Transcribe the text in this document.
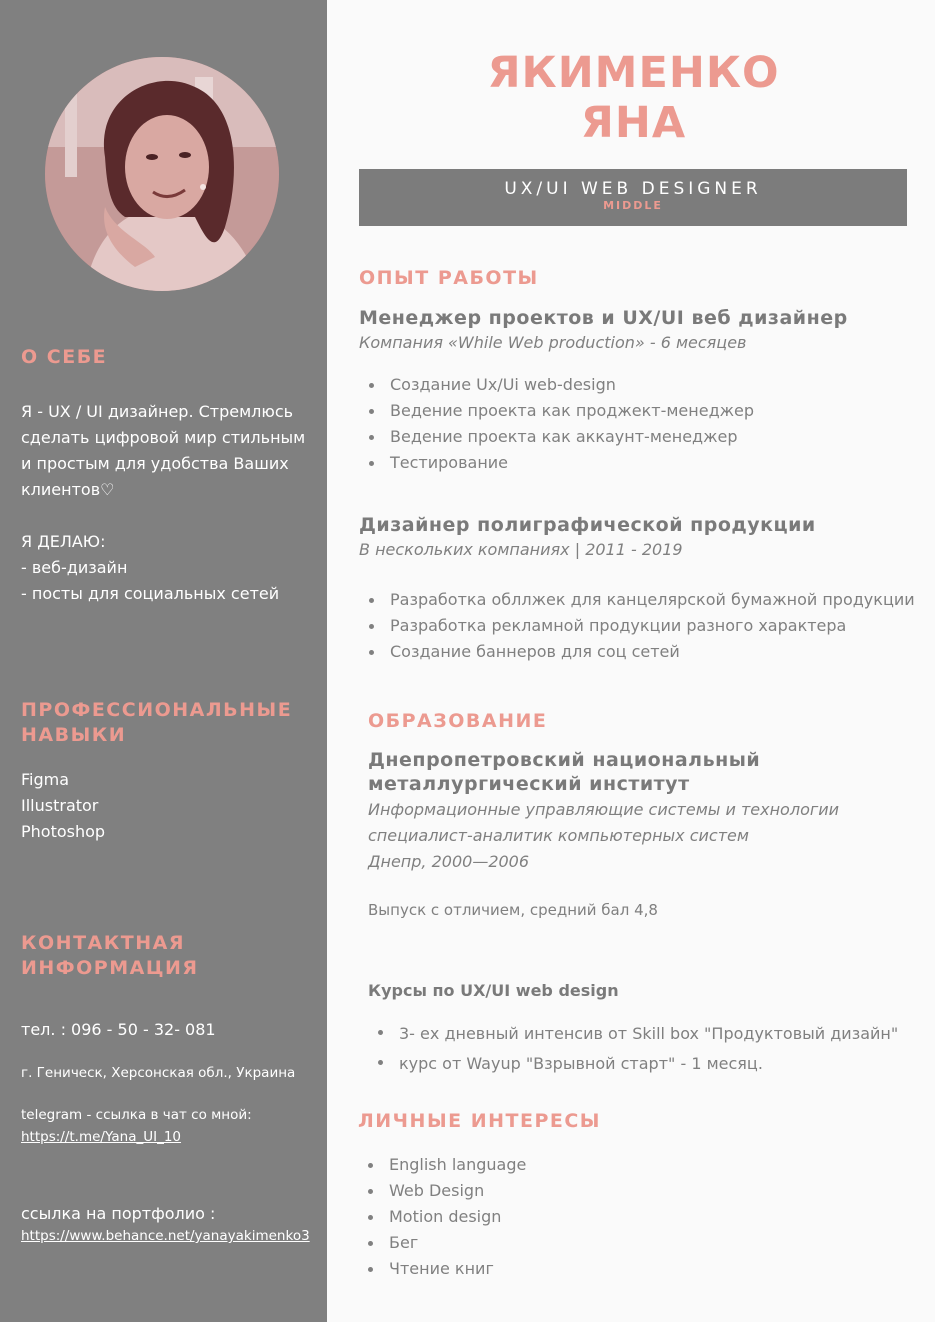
О СЕБЕ
Я - UX / UI дизайнер. Стремлюсь
сделать цифровой мир стильным
и простым для удобства Ваших
клиентов♡
Я ДЕЛАЮ:
- веб-дизайн
- посты для социальных сетей
ПРОФЕССИОНАЛЬНЫЕ
НАВЫКИ
Figma
Illustrator
Photoshop
КОНТАКТНАЯ
ИНФОРМАЦИЯ
тел. : 096 - 50 - 32- 081
г. Геническ, Херсонская обл., Украина
telegram - ссылка в чат со мной:
https://t.me/Yana_UI_10
ссылка на портфолио :
https://www.behance.net/yanayakimenko3
ЯКИМЕНКО
ЯНА
UX/UI WEB DESIGNER
MIDDLE
ОПЫТ РАБОТЫ
Менеджер проектов и UX/UI веб дизайнер
Компания «While Web production» - 6 месяцев
Создание Ux/Ui web-design
Ведение проекта как проджект-менеджер
Ведение проекта как аккаунт-менеджер
Тестирование
Дизайнер полиграфической продукции
В нескольких компаниях | 2011 - 2019
Разработка обллжек для канцелярской бумажной продукции
Разработка рекламной продукции разного характера
Создание баннеров для соц сетей
ОБРАЗОВАНИЕ
Днепропетровский национальный
металлургический институт
Информационные управляющие системы и технологии
специалист-аналитик компьютерных систем
Днепр, 2000—2006
Выпуск с отличием, средний бал 4,8
Курсы по UX/UI web design
3- ех дневный интенсив от Skill box "Продуктовый дизайн"
курс от Wayup "Взрывной старт" - 1 месяц.
ЛИЧНЫЕ ИНТЕРЕСЫ
English language
Web Design
Motion design
Бег
Чтение книг
